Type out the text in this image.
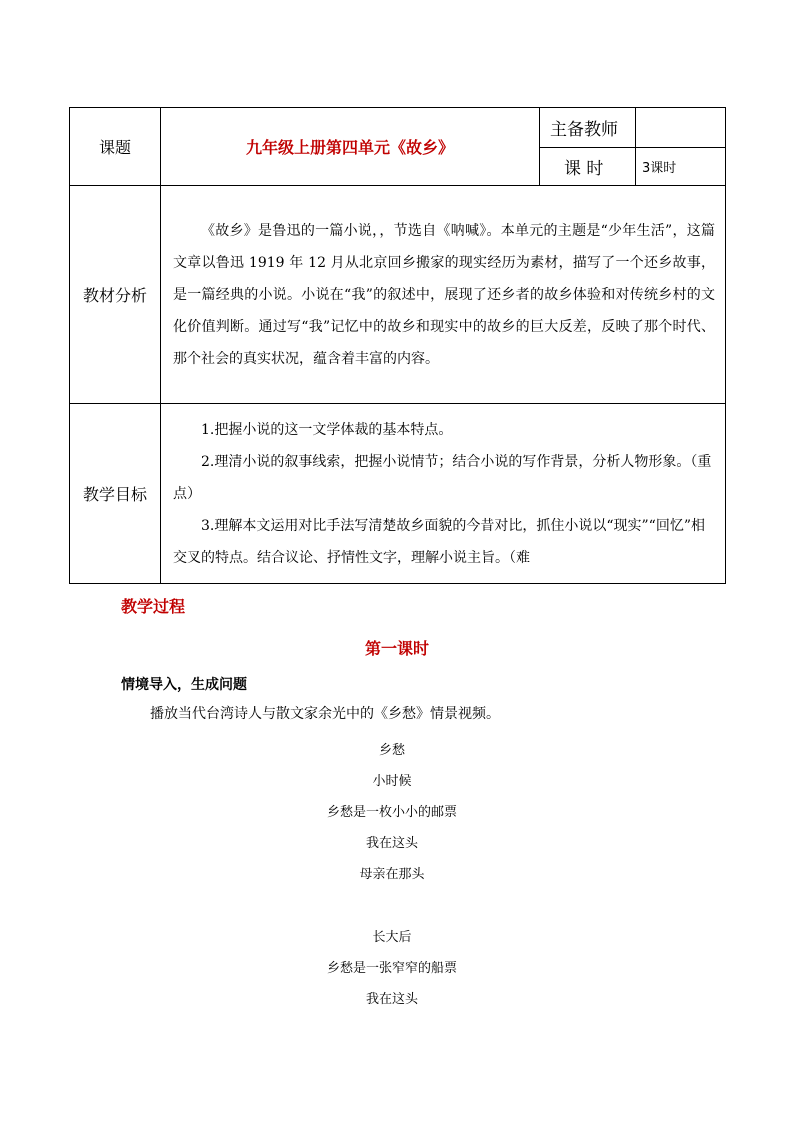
课题	九年级上册第四单元《故乡》	主备教师	
		课 时	3课时
教材分析	《故乡》是鲁迅的一篇小说，，节选自《呐喊》。本单元的主题是“少年生活”，这篇文章以鲁迅 1919 年 12 月从北京回乡搬家的现实经历为素材，描写了一个还乡故事，是一篇经典的小说。小说在“我”的叙述中，展现了还乡者的故乡体验和对传统乡村的文化价值判断。通过写“我”记忆中的故乡和现实中的故乡的巨大反差，反映了那个时代、那个社会的真实状况，蕴含着丰富的内容。		

教学目标	1.把握小说的这一文学体裁的基本特点。

2.理清小说的叙事线索，把握小说情节；结合小说的写作背景，分析人物形象。（重点）

3.理解本文运用对比手法写清楚故乡面貌的今昔对比，抓住小说以“现实”“回忆”相交叉的特点。结合议论、抒情性文字，理解小说主旨。（难		

教学过程
第一课时
情境导入，生成问题
播放当代台湾诗人与散文家余光中的《乡愁》情景视频。
乡愁
小时候
乡愁是一枚小小的邮票
我在这头
母亲在那头
长大后
乡愁是一张窄窄的船票
我在这头
